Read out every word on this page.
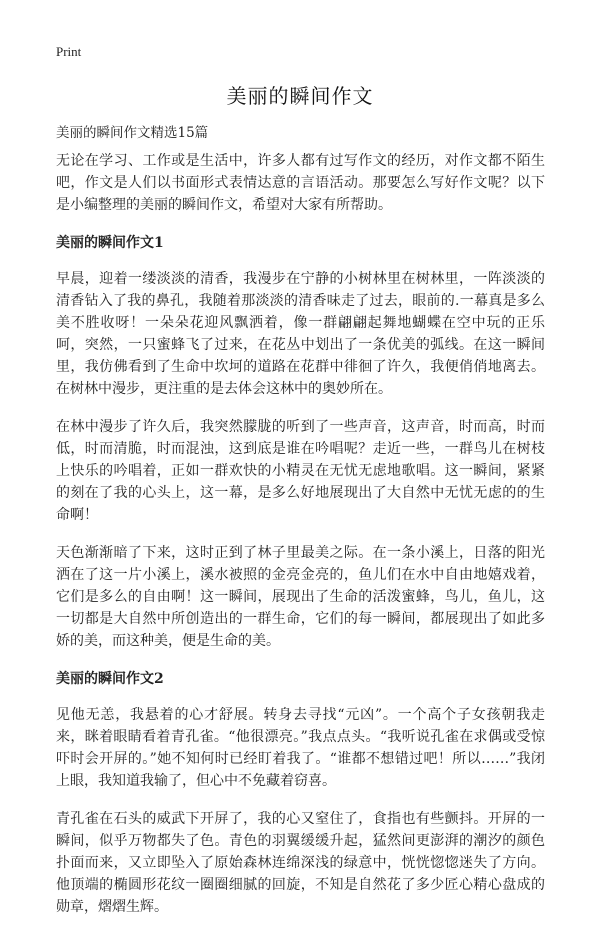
Print
美丽的瞬间作文

美丽的瞬间作文精选15篇

无论在学习、工作或是生活中，许多人都有过写作文的经历，对作文都不陌生吧，作文是人们以书面形式表情达意的言语活动。那要怎么写好作文呢？以下是小编整理的美丽的瞬间作文，希望对大家有所帮助。

美丽的瞬间作文1

早晨，迎着一缕淡淡的清香，我漫步在宁静的小树林里在树林里，一阵淡淡的清香钻入了我的鼻孔，我随着那淡淡的清香味走了过去，眼前的.一幕真是多么美不胜收呀！一朵朵花迎风飘洒着，像一群翩翩起舞地蝴蝶在空中玩的正乐呵，突然，一只蜜蜂飞了过来，在花丛中划出了一条优美的弧线。在这一瞬间里，我仿佛看到了生命中坎坷的道路在花群中徘徊了许久，我便俏俏地离去。在树林中漫步，更注重的是去体会这林中的奥妙所在。

在林中漫步了许久后，我突然朦胧的听到了一些声音，这声音，时而高，时而低，时而清脆，时而混浊，这到底是谁在吟唱呢？走近一些，一群鸟儿在树枝上快乐的吟唱着，正如一群欢快的小精灵在无忧无虑地歌唱。这一瞬间，紧紧的刻在了我的心头上，这一幕，是多么好地展现出了大自然中无忧无虑的的生命啊！

天色渐渐暗了下来，这时正到了林子里最美之际。在一条小溪上，日落的阳光洒在了这一片小溪上，溪水被照的金亮金亮的，鱼儿们在水中自由地嬉戏着，它们是多么的自由啊！这一瞬间，展现出了生命的活泼蜜蜂，鸟儿，鱼儿，这一切都是大自然中所创造出的一群生命，它们的每一瞬间，都展现出了如此多娇的美，而这种美，便是生命的美。

美丽的瞬间作文2

见他无恙，我悬着的心才舒展。转身去寻找“元凶”。一个高个子女孩朝我走来，眯着眼睛看着青孔雀。“他很漂亮。”我点点头。“我听说孔雀在求偶或受惊吓时会开屏的。”她不知何时已经盯着我了。“谁都不想错过吧！所以……”我闭上眼，我知道我输了，但心中不免藏着窃喜。

青孔雀在石头的威武下开屏了，我的心又窒住了，食指也有些颤抖。开屏的一瞬间，似乎万物都失了色。青色的羽翼缓缓升起，猛然间更澎湃的潮汐的颜色扑面而来，又立即坠入了原始森林连绵深浅的绿意中，恍恍惚惚迷失了方向。他顶端的椭圆形花纹一圈圈细腻的回旋，不知是自然花了多少匠心精心盘成的勋章，熠熠生辉。
